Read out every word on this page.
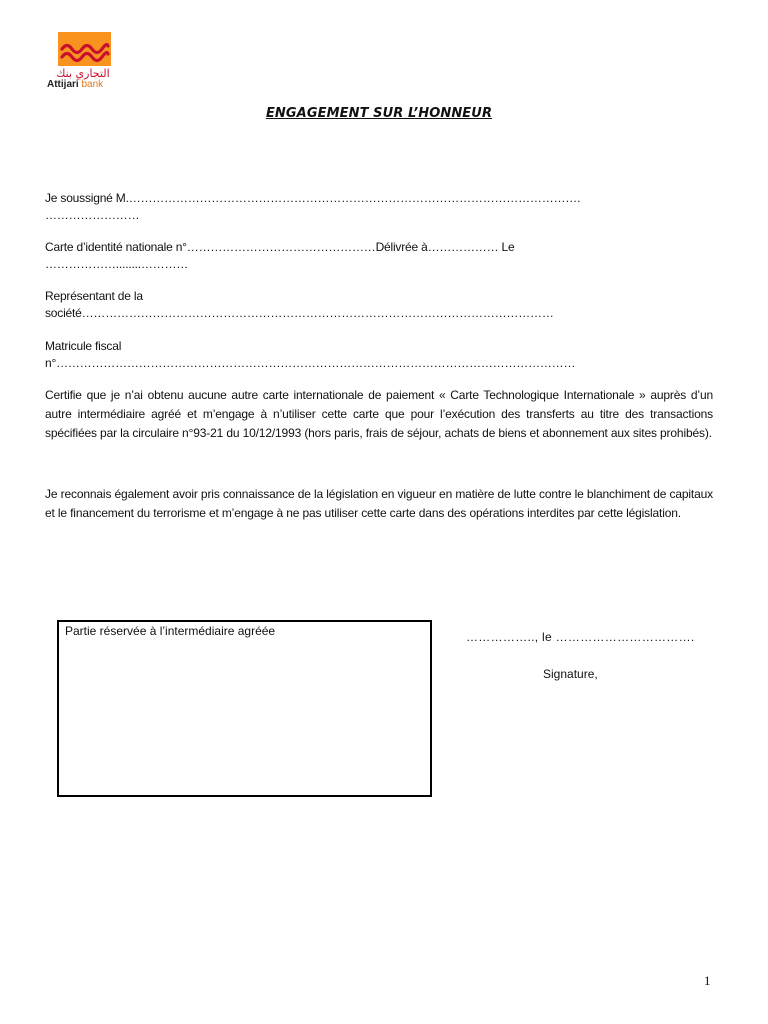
التجاري بنك
Attijari bank
ENGAGEMENT SUR L’HONNEUR
Je soussigné M.…………………………………………………………………………………………………….
……………………
Carte d’identité nationale n°…………………………………………Délivrée à……………… Le
………………........…………
Représentant de la
société…………………………………………………………………………………………………………
Matricule fiscal
n°……………………………………………………………………………………………………………………
Certifie que je n’ai obtenu aucune autre carte internationale de paiement « Carte Technologique Internationale » auprès d’un autre intermédiaire agréé et m’engage à n’utiliser cette carte que pour l’exécution des transferts au titre des transactions spécifiées par la circulaire n°93-21 du 10/12/1993 (hors paris, frais de séjour, achats de biens et abonnement aux sites prohibés).
Je reconnais également avoir pris connaissance de la législation en vigueur en matière de lutte contre le blanchiment de capitaux et le financement du terrorisme et m’engage à ne pas utiliser cette carte dans des opérations interdites par cette législation.
Partie réservée à l’intermédiaire agréée	…………….., le …………………………….
Signature,
1
